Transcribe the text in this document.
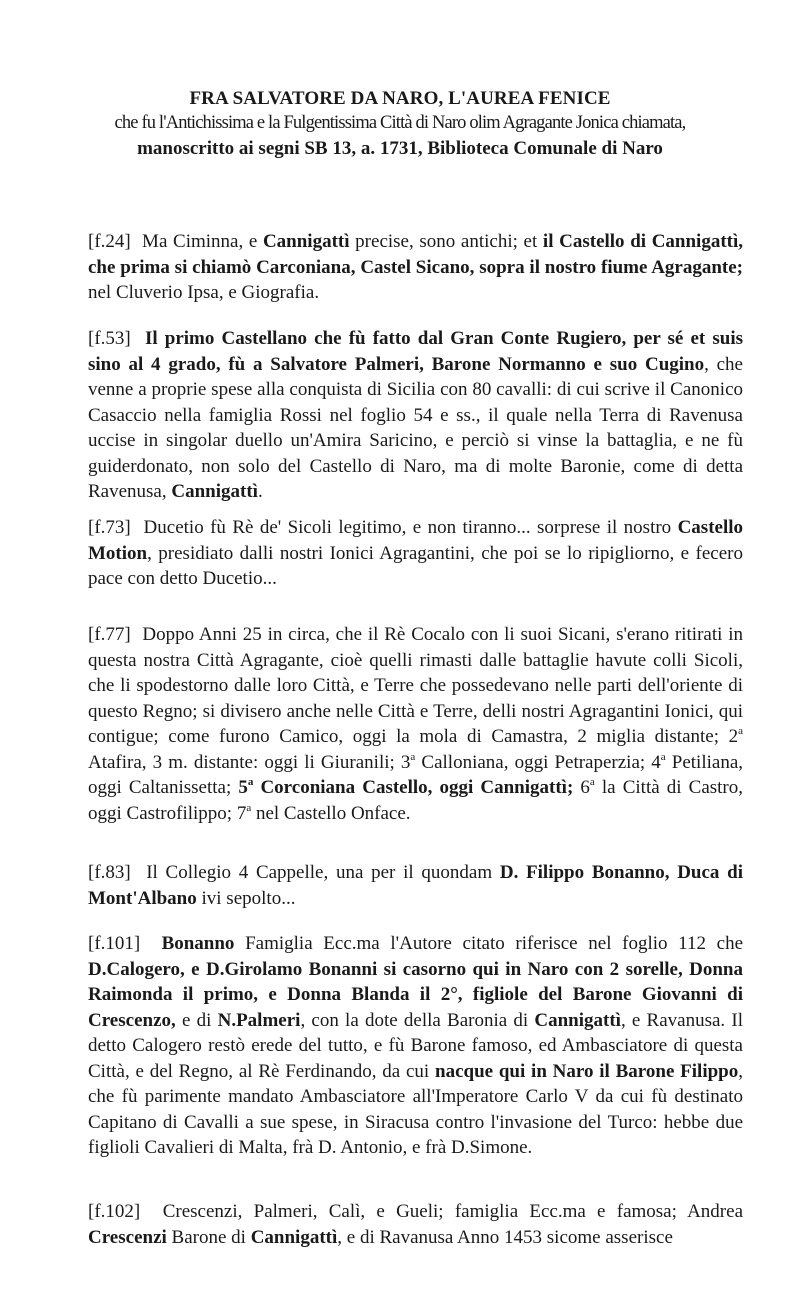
FRA SALVATORE DA NARO, L'AUREA FENICE
che fu l'Antichissima e la Fulgentissima Città di Naro olim Agragante Jonica chiamata,
manoscritto ai segni SB 13, a. 1731, Biblioteca Comunale di Naro

[f.24] Ma Ciminna, e Cannigattì precise, sono antichi; et il Castello di Cannigattì, che prima si chiamò Carconiana, Castel Sicano, sopra il nostro fiume Agragante; nel Cluverio Ipsa, e Giografia.

[f.53] Il primo Castellano che fù fatto dal Gran Conte Rugiero, per sé et suis sino al 4 grado, fù a Salvatore Palmeri, Barone Normanno e suo Cugino, che venne a proprie spese alla conquista di Sicilia con 80 cavalli: di cui scrive il Canonico Casaccio nella famiglia Rossi nel foglio 54 e ss., il quale nella Terra di Ravenusa uccise in singolar duello un'Amira Saricino, e perciò si vinse la battaglia, e ne fù guiderdonato, non solo del Castello di Naro, ma di molte Baronie, come di detta Ravenusa, Cannigattì.

[f.73] Ducetio fù Rè de' Sicoli legitimo, e non tiranno... sorprese il nostro Castello Motion, presidiato dalli nostri Ionici Agragantini, che poi se lo ripigliorno, e fecero pace con detto Ducetio...

[f.77] Doppo Anni 25 in circa, che il Rè Cocalo con li suoi Sicani, s'erano ritirati in questa nostra Città Agragante, cioè quelli rimasti dalle battaglie havute colli Sicoli, che li spodestorno dalle loro Città, e Terre che possedevano nelle parti dell'oriente di questo Regno; si divisero anche nelle Città e Terre, delli nostri Agragantini Ionici, qui contigue; come furono Camico, oggi la mola di Camastra, 2 miglia distante; 2$^a$ Atafira, 3 m. distante: oggi li Giuranili; 3$^a$ Calloniana, oggi Petraperzia; 4$^a$ Petiliana, oggi Caltanissetta; 5$^a$ Corconiana Castello, oggi Cannigattì; 6$^a$ la Città di Castro, oggi Castrofilippo; 7$^a$ nel Castello Onface.

[f.83] Il Collegio 4 Cappelle, una per il quondam D. Filippo Bonanno, Duca di Mont'Albano ivi sepolto...

[f.101] Bonanno Famiglia Ecc.ma l'Autore citato riferisce nel foglio 112 che D.Calogero, e D.Girolamo Bonanni si casorno qui in Naro con 2 sorelle, Donna Raimonda il primo, e Donna Blanda il 2°, figliole del Barone Giovanni di Crescenzo, e di N.Palmeri, con la dote della Baronia di Cannigattì, e Ravanusa. Il detto Calogero restò erede del tutto, e fù Barone famoso, ed Ambasciatore di questa Città, e del Regno, al Rè Ferdinando, da cui nacque qui in Naro il Barone Filippo, che fù parimente mandato Ambasciatore all'Imperatore Carlo V da cui fù destinato Capitano di Cavalli a sue spese, in Siracusa contro l'invasione del Turco: hebbe due figlioli Cavalieri di Malta, frà D. Antonio, e frà D.Simone.

[f.102] Crescenzi, Palmeri, Calì, e Gueli; famiglia Ecc.ma e famosa; Andrea Crescenzi Barone di Cannigattì, e di Ravanusa Anno 1453 sicome asserisce
